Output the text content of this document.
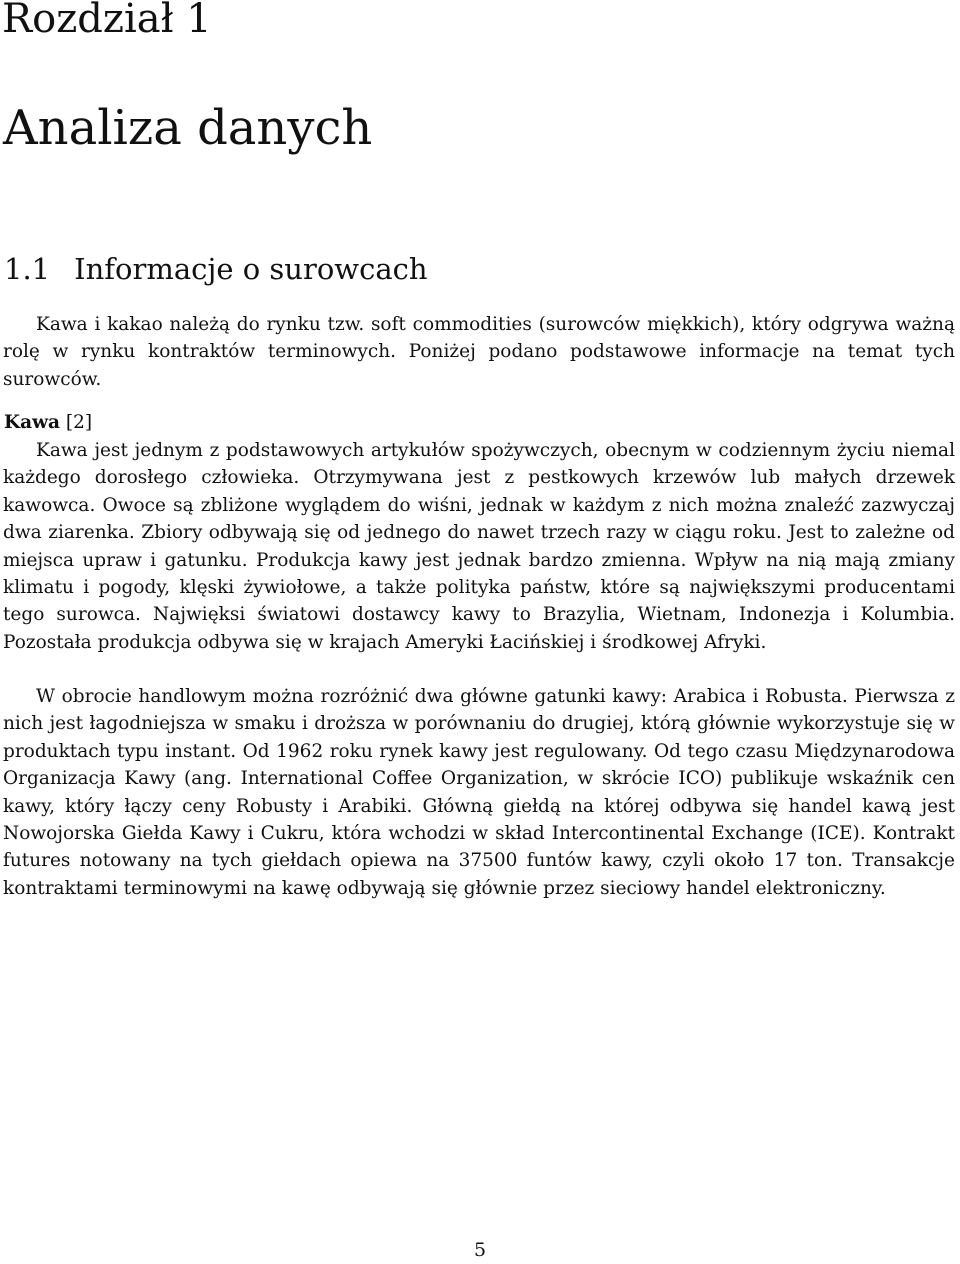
Rozdział 1
Analiza danych
1.1 Informacje o surowcach

Kawa i kakao należą do rynku tzw. soft commodities (surowców miękkich), który odgrywa ważną rolę w rynku kontraktów terminowych. Poniżej podano podstawowe informacje na temat tych surowców.

Kawa [2]

Kawa jest jednym z podstawowych artykułów spożywczych, obecnym w codziennym życiu niemal każdego dorosłego człowieka. Otrzymywana jest z pestkowych krzewów lub małych drzewek kawowca. Owoce są zbliżone wyglądem do wiśni, jednak w każdym z nich można znaleźć zazwyczaj dwa ziarenka. Zbiory odbywają się od jednego do nawet trzech razy w ciągu roku. Jest to zależne od miejsca upraw i gatunku. Produkcja kawy jest jednak bardzo zmienna. Wpływ na nią mają zmiany klimatu i pogody, klęski żywiołowe, a także polityka państw, które są największymi producentami tego surowca. Najwięksi światowi dostawcy kawy to Brazylia, Wietnam, Indonezja i Kolumbia. Pozostała produkcja odbywa się w krajach Ameryki Łacińskiej i środkowej Afryki.

W obrocie handlowym można rozróżnić dwa główne gatunki kawy: Arabica i Robusta. Pierwsza z nich jest łagodniejsza w smaku i droższa w porównaniu do drugiej, którą głównie wykorzystuje się w produktach typu instant. Od 1962 roku rynek kawy jest regulowany. Od tego czasu Międzynarodowa Organizacja Kawy (ang. International Coffee Organization, w skrócie ICO) publikuje wskaźnik cen kawy, który łączy ceny Robusty i Arabiki. Główną giełdą na której odbywa się handel kawą jest Nowojorska Giełda Kawy i Cukru, która wchodzi w skład Intercontinental Exchange (ICE). Kontrakt futures notowany na tych giełdach opiewa na 37500 funtów kawy, czyli około 17 ton. Transakcje kontraktami terminowymi na kawę odbywają się głównie przez sieciowy handel elektroniczny.

5
